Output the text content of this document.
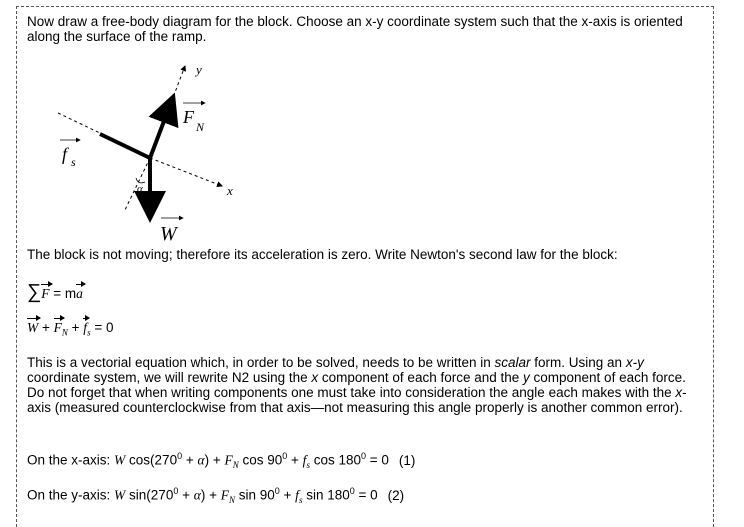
Now draw a free-body diagram for the block. Choose an x-y coordinate system such that the x-axis is oriented along the surface of the ramp.

y
x
F N
f s
W
α

The block is not moving; therefore its acceleration is zero. Write Newton's second law for the block:

∑F = ma
$W + F_N + f_s = 0$

This is a vectorial equation which, in order to be solved, needs to be written in scalar form. Using an x-y coordinate system, we will rewrite N2 using the x component of each force and the y component of each force. Do not forget that when writing components one must take into consideration the angle each makes with the x-axis (measured counterclockwise from that axis—not measuring this angle properly is another common error).

On the x-axis: W $\cos(270^0 + \alpha) + F_N$ $\cos 90^0 + f_s$ $\cos 180^0 = 0$ (1)
On the y-axis: W $\sin(270^0 + \alpha) + F_N$ $\sin 90^0 + f_s$ $\sin 180^0 = 0$ (2)
